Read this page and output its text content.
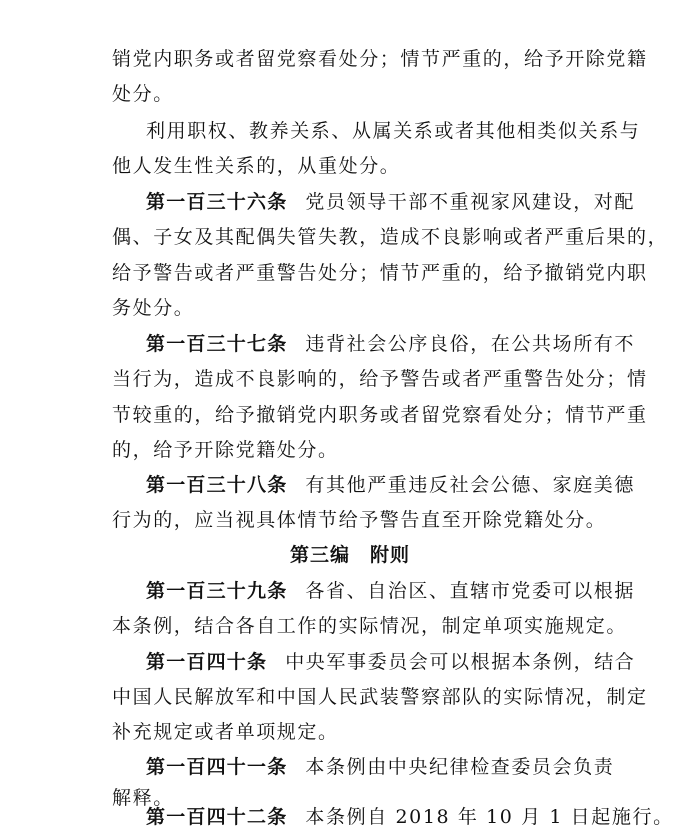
销党内职务或者留党察看处分；情节严重的，给予开除党籍
处分。
利用职权、教养关系、从属关系或者其他相类似关系与
他人发生性关系的，从重处分。
第一百三十六条 党员领导干部不重视家风建设，对配
偶、子女及其配偶失管失教，造成不良影响或者严重后果的，
给予警告或者严重警告处分；情节严重的，给予撤销党内职
务处分。
第一百三十七条 违背社会公序良俗，在公共场所有不
当行为，造成不良影响的，给予警告或者严重警告处分；情
节较重的，给予撤销党内职务或者留党察看处分；情节严重
的，给予开除党籍处分。
第一百三十八条 有其他严重违反社会公德、家庭美德
行为的，应当视具体情节给予警告直至开除党籍处分。
第三编 附则
第一百三十九条 各省、自治区、直辖市党委可以根据
本条例，结合各自工作的实际情况，制定单项实施规定。
第一百四十条 中央军事委员会可以根据本条例，结合
中国人民解放军和中国人民武装警察部队的实际情况，制定
补充规定或者单项规定。
第一百四十一条 本条例由中央纪律检查委员会负责
解释。
第一百四十二条 本条例自 2018 年 10 月 1 日起施行。
